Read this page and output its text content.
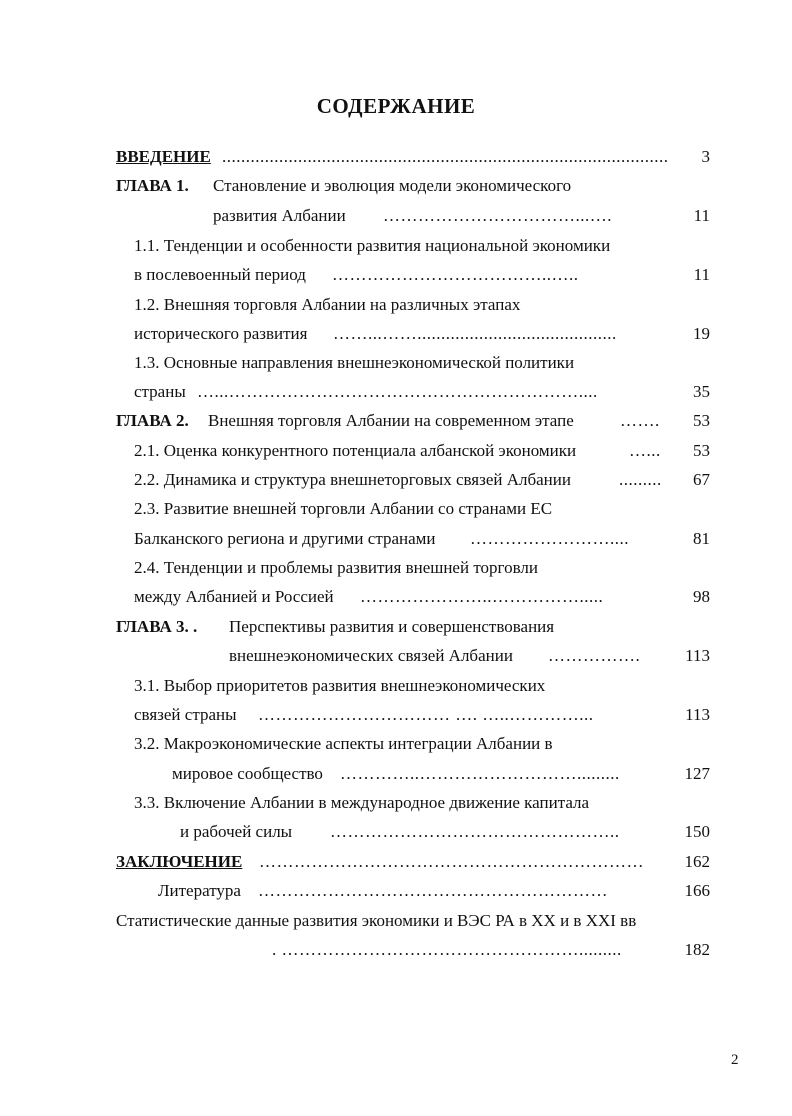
СОДЕРЖАНИЕ
ВВЕДЕНИЕ ..............................................................................................	3
ГЛАВА 1. Становление и эволюция модели экономического
развития Албании ……………………………...….	11
1.1. Тенденции и особенности развития национальной экономики
в послевоенный период ………………………………..…..	11
1.2. Внешняя торговля Албании на различных этапах
исторического развития ……...……..........................................	19
1.3. Основные направления внешнеэкономической политики
страны …...……………………………………………………....	35
ГЛАВА 2. Внешняя торговля Албании на современном этапе	…….	53
2.1. Оценка конкурентного потенциала албанской экономики	…...	53
2.2. Динамика и структура внешнеторговых связей Албании	......... 67
2.3. Развитие внешней торговли Албании со странами ЕС
Балканского региона и другими странами ……………………....	81
2.4. Тенденции и проблемы развития внешней торговли
между Албанией и Россией …………………..…………….....	98
ГЛАВА 3. . Перспективы развития и совершенствования
внешнеэкономических связей Албании …………….	113
3.1. Выбор приоритетов развития внешнеэкономических
связей страны …………………………… …. …..…………...	113
3.2. Макроэкономические аспекты интеграции Албании в
мировое сообщество …………..……………………….........	127
3.3. Включение Албании в международное движение капитала
и рабочей силы …………………………………………..	150
ЗАКЛЮЧЕНИЕ …………………………………………………………	162
Литература ……………………………………………………	166
Статистические данные развития экономики и ВЭС РА в XX и в XXI вв
. …………………………………………….........	182
2
